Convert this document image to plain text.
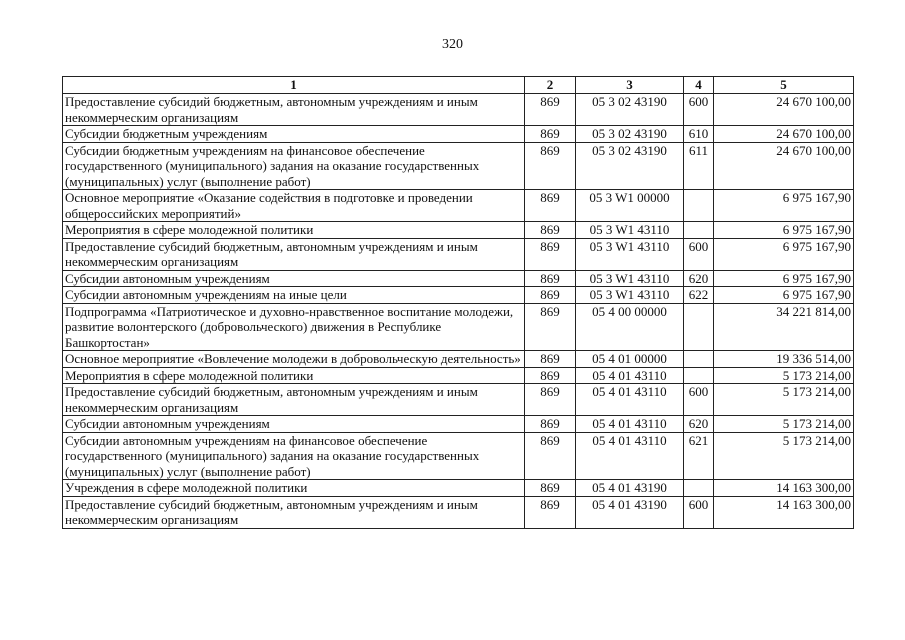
320
1	2	3	4	5
Предоставление субсидий бюджетным, автономным учреждениям и иным некоммерческим организациям	869	05 3 02 43190	600	24 670 100,00
Субсидии бюджетным учреждениям	869	05 3 02 43190	610	24 670 100,00
Субсидии бюджетным учреждениям на финансовое обеспечение государственного (муниципального) задания на оказание государственных (муниципальных) услуг (выполнение работ)	869	05 3 02 43190	611	24 670 100,00
Основное мероприятие «Оказание содействия в подготовке и проведении общероссийских мероприятий»	869	05 3 W1 00000		6 975 167,90
Мероприятия в сфере молодежной политики	869	05 3 W1 43110		6 975 167,90
Предоставление субсидий бюджетным, автономным учреждениям и иным некоммерческим организациям	869	05 3 W1 43110	600	6 975 167,90
Субсидии автономным учреждениям	869	05 3 W1 43110	620	6 975 167,90
Субсидии автономным учреждениям на иные цели	869	05 3 W1 43110	622	6 975 167,90
Подпрограмма «Патриотическое и духовно-нравственное воспитание молодежи, развитие волонтерского (добровольческого) движения в Республике Башкортостан»	869	05 4 00 00000		34 221 814,00
Основное мероприятие «Вовлечение молодежи в добровольческую деятельность»	869	05 4 01 00000		19 336 514,00
Мероприятия в сфере молодежной политики	869	05 4 01 43110		5 173 214,00
Предоставление субсидий бюджетным, автономным учреждениям и иным некоммерческим организациям	869	05 4 01 43110	600	5 173 214,00
Субсидии автономным учреждениям	869	05 4 01 43110	620	5 173 214,00
Субсидии автономным учреждениям на финансовое обеспечение государственного (муниципального) задания на оказание государственных (муниципальных) услуг (выполнение работ)	869	05 4 01 43110	621	5 173 214,00
Учреждения в сфере молодежной политики	869	05 4 01 43190		14 163 300,00
Предоставление субсидий бюджетным, автономным учреждениям и иным некоммерческим организациям	869	05 4 01 43190	600	14 163 300,00
